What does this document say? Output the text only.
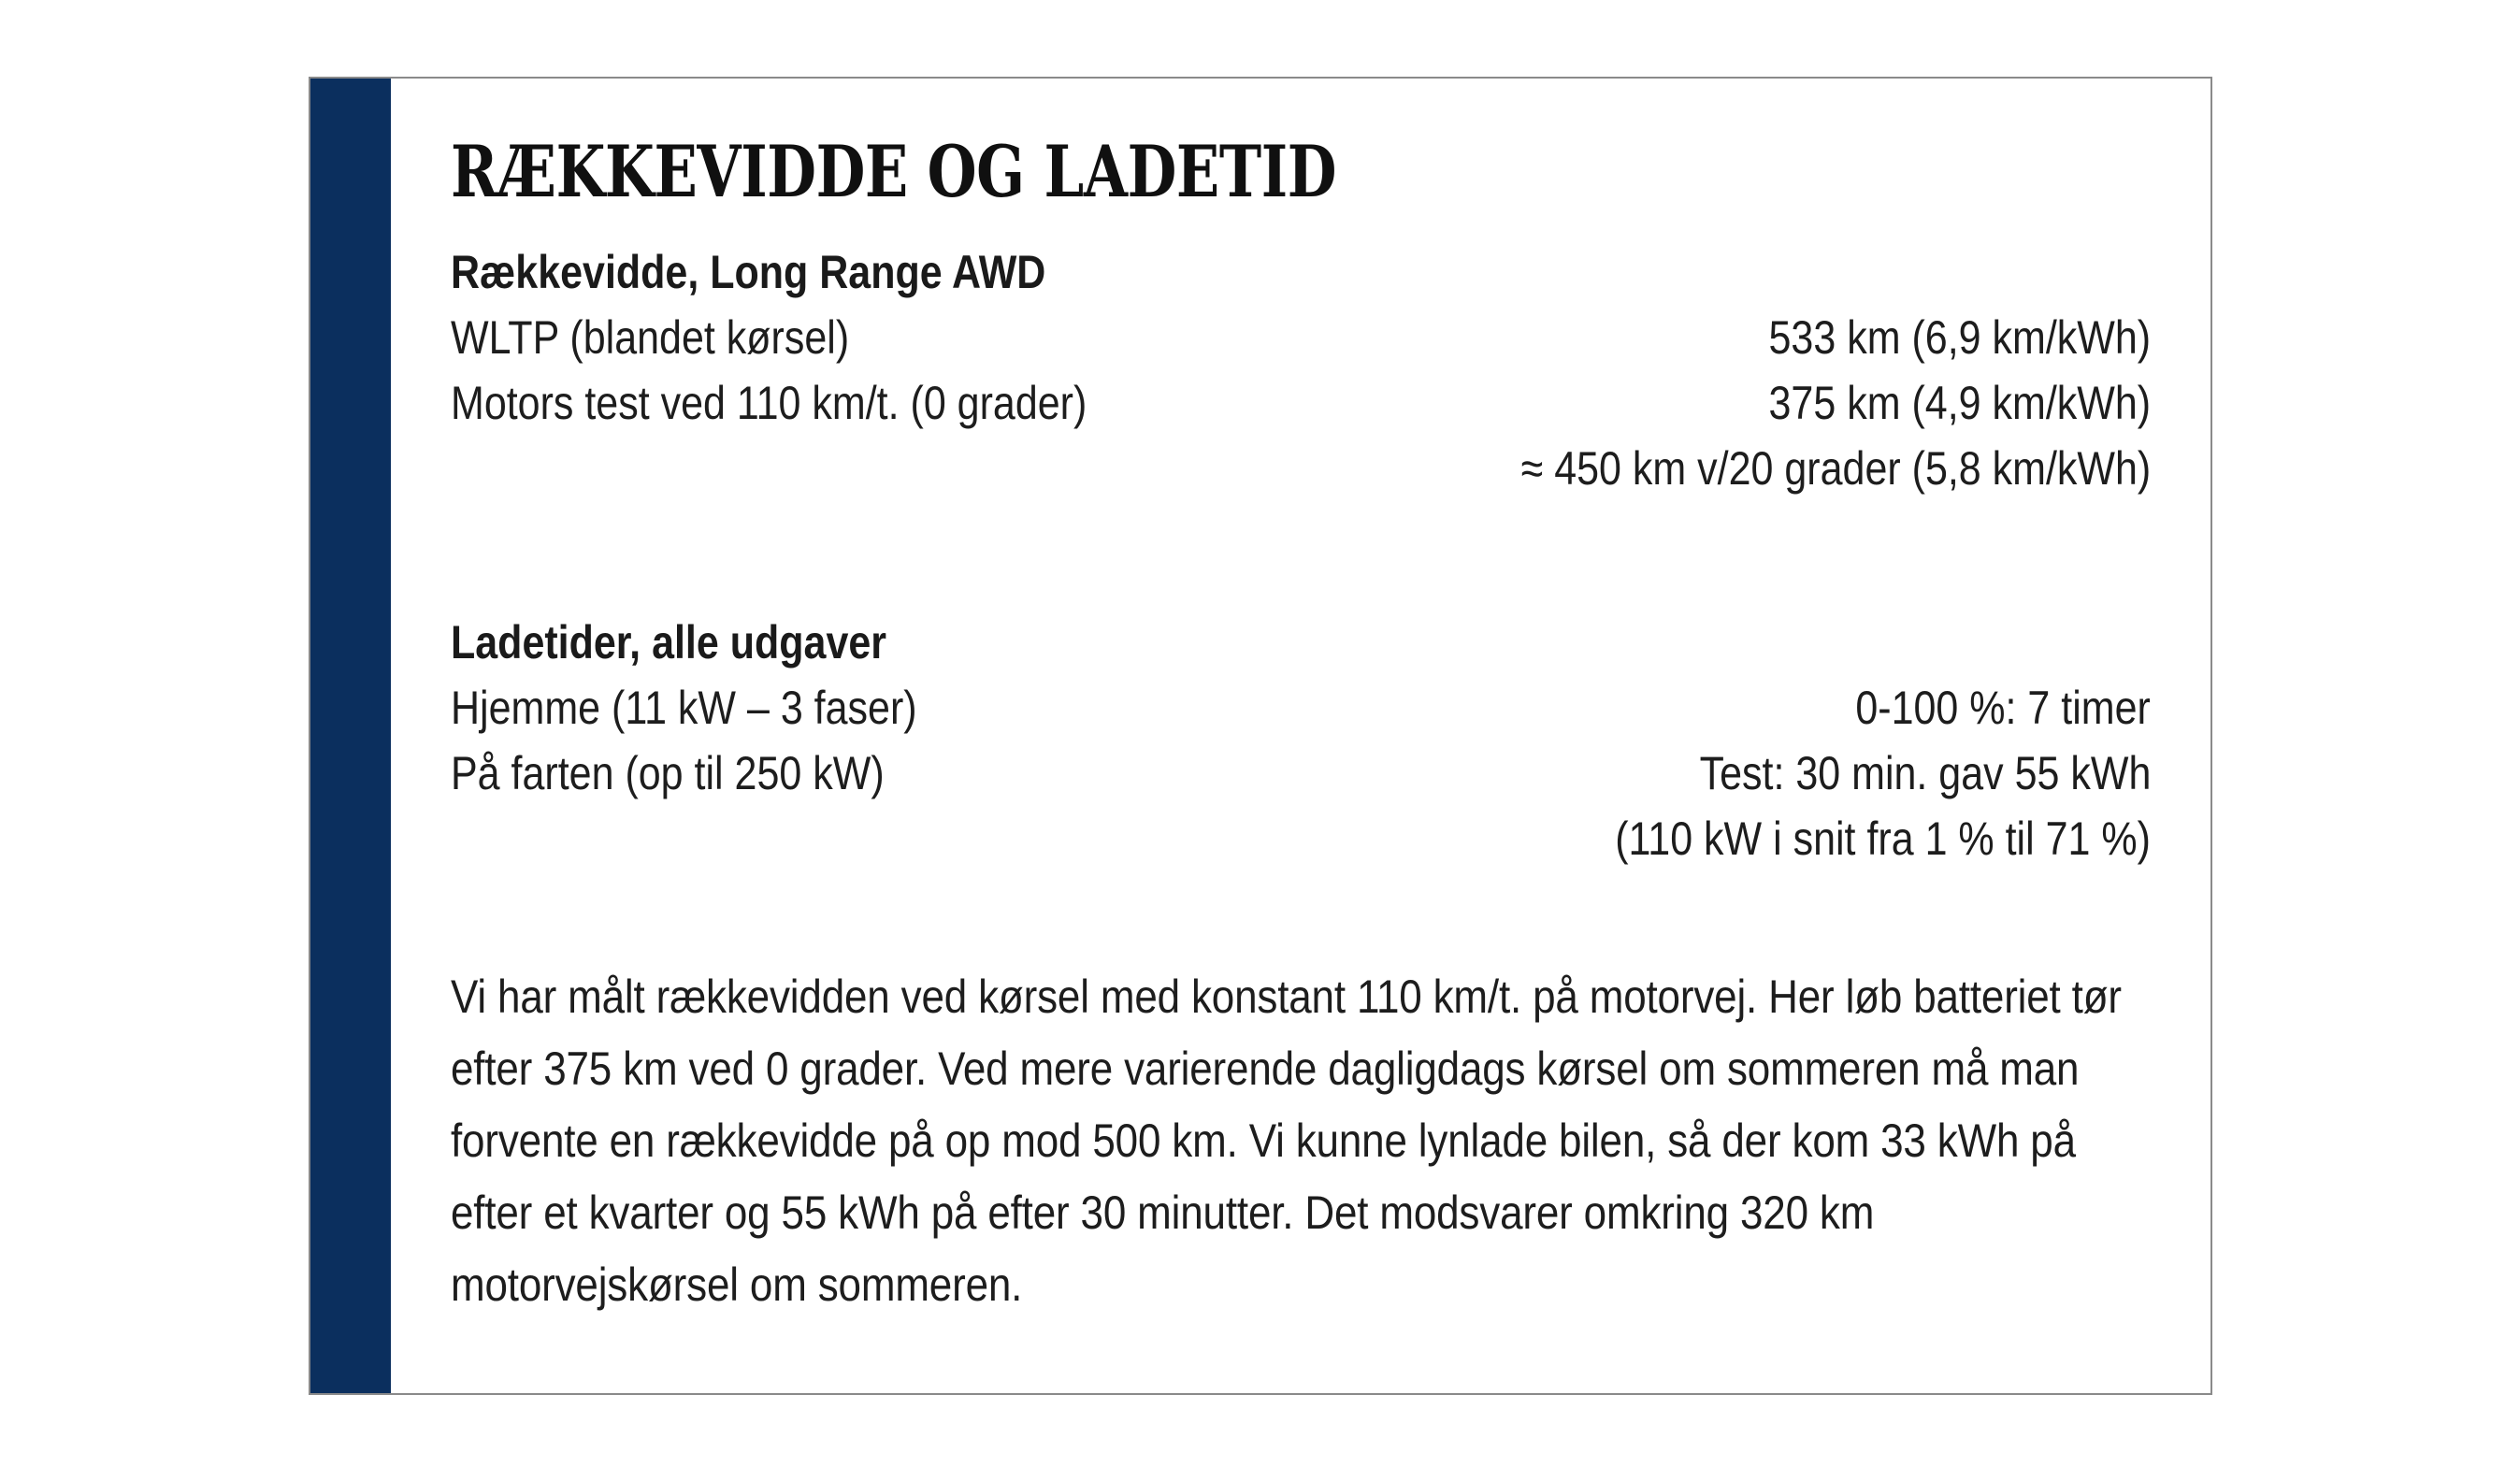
RÆKKEVIDDE OG LADETID
Rækkevidde, Long Range AWD
WLTP (blandet kørsel)	533 km (6,9 km/kWh)
Motors test ved 110 km/t. (0 grader)	375 km (4,9 km/kWh)
≈ 450 km v/20 grader (5,8 km/kWh)
Ladetider, alle udgaver
Hjemme (11 kW – 3 faser)	0-100 %: 7 timer
På farten (op til 250 kW)	Test: 30 min. gav 55 kWh
(110 kW i snit fra 1 % til 71 %)
Vi har målt rækkevidden ved kørsel med konstant 110 km/t. på motorvej. Her løb batteriet tør efter 375 km ved 0 grader. Ved mere varierende dagligdags kørsel om sommeren må man forvente en rækkevidde på op mod 500 km. Vi kunne lynlade bilen, så der kom 33 kWh på efter et kvarter og 55 kWh på efter 30 minutter. Det modsvarer omkring 320 km motorvejskørsel om sommeren.
